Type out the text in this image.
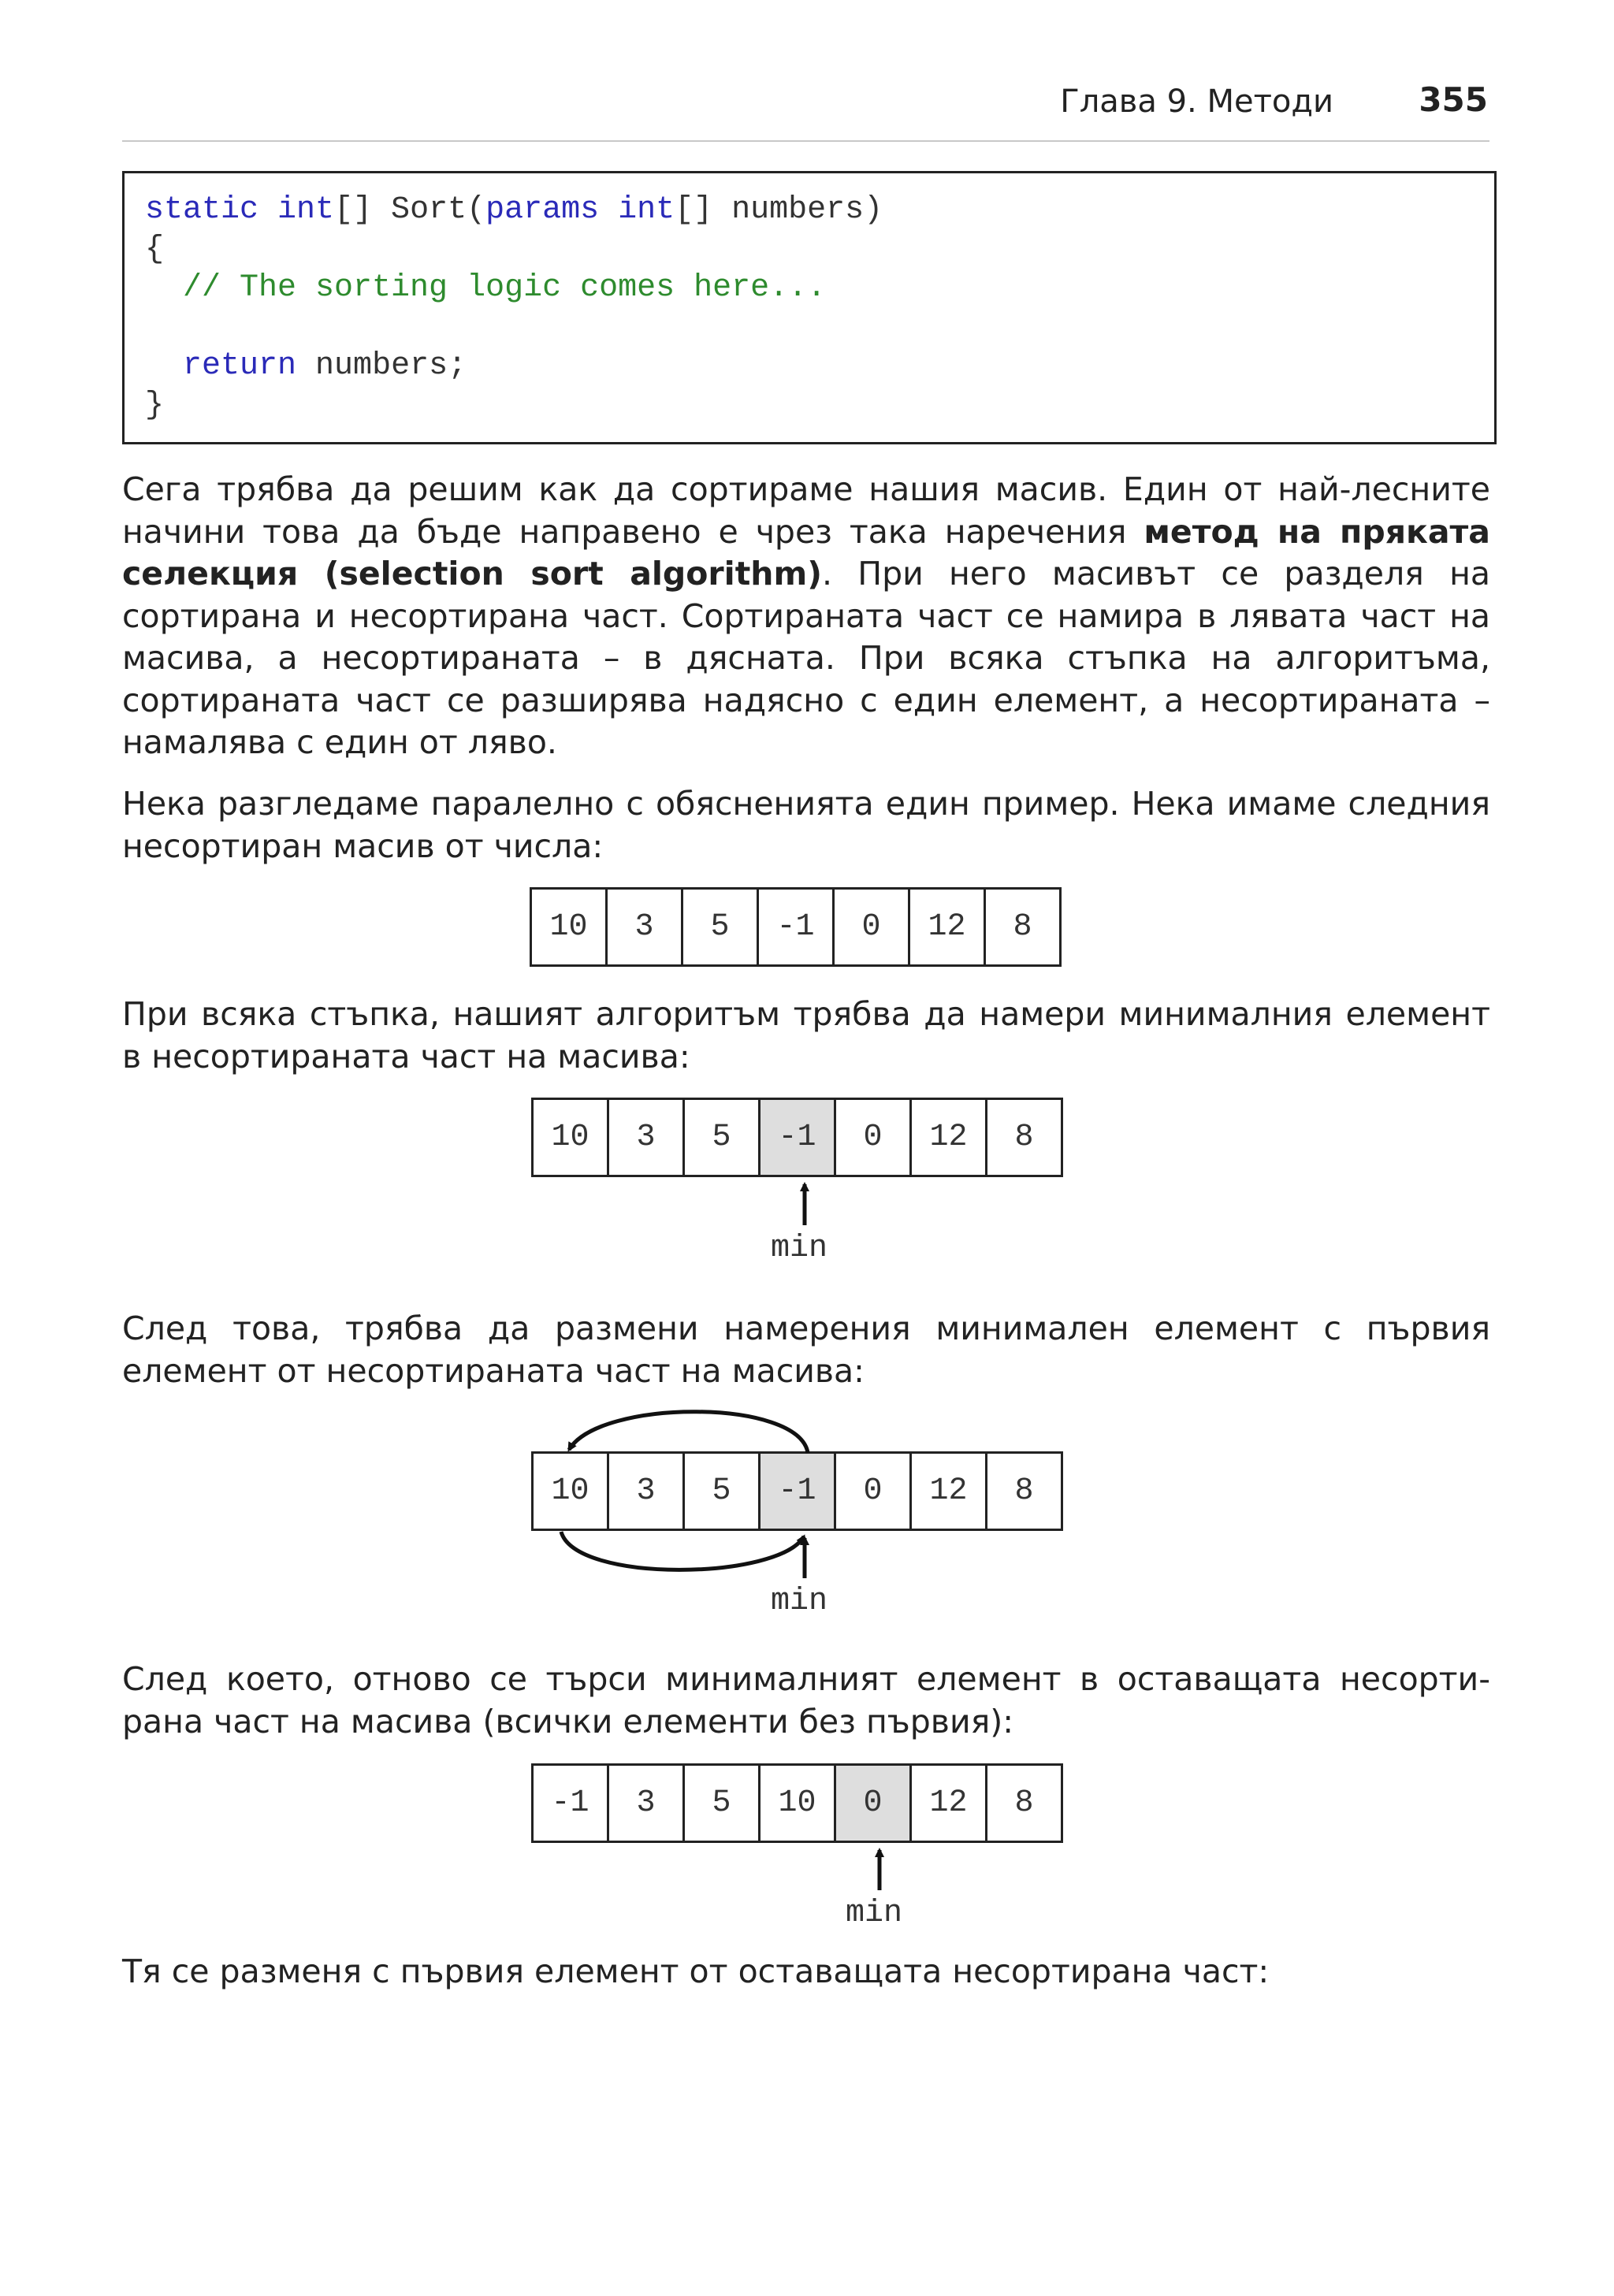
Глава 9. Методи	355
static int[] Sort(params int[] numbers)
{
// The sorting logic comes here...

return numbers;
}

Сега трябва да решим как да сортираме нашия масив. Един от най-лесните начини това да бъде направено е чрез така наречения метод на пряката селекция (selection sort algorithm). При него масивът се разделя на сортирана и несортирана част. Сортираната част се намира в лявата част на масива, а несортираната – в дясната. При всяка стъпка на алгоритъма, сортираната част се разширява надясно с един елемент, а несортираната – намалява с един от ляво.

Нека разгледаме паралелно с обясненията един пример. Нека имаме следния несортиран масив от числа:

10	3	5	-1	0	12	8

При всяка стъпка, нашият алгоритъм трябва да намери минималния елемент в несортираната част на масива:

10	3	5	-1	0	12	8
min

След това, трябва да размени намерения минимален елемент с първия елемент от несортираната част на масива:

10	3	5	-1	0	12	8
min

След което, отново се търси минималният елемент в оставащата несорти-рана част на масива (всички елементи без първия):

-1	3	5	10	0	12	8
min

Тя се разменя с първия елемент от оставащата несортирана част:
